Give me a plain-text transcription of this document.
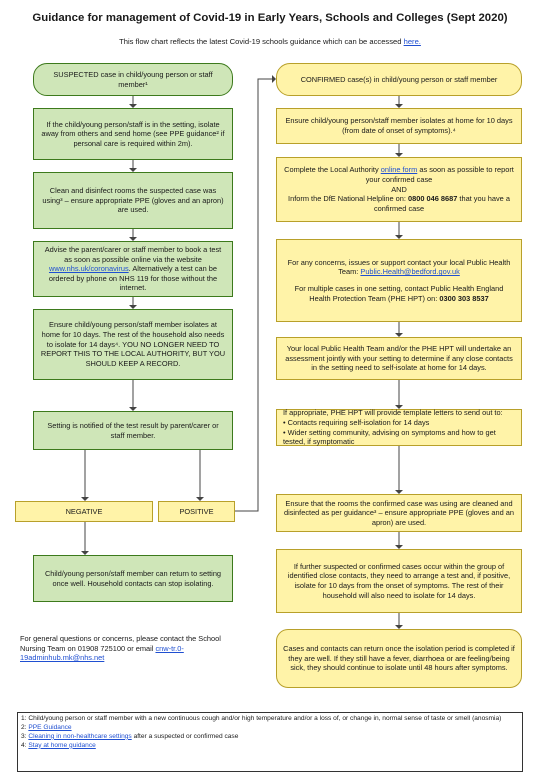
Guidance for management of Covid-19 in Early Years, Schools and Colleges (Sept 2020)
This flow chart reflects the latest Covid-19 schools guidance which can be accessed here.
SUSPECTED case in child/young person or staff member¹
If the child/young person/staff is in the setting, isolate away from others and send home (see PPE guidance² if personal care is required within 2m).
Clean and disinfect rooms the suspected case was using³ – ensure appropriate PPE (gloves and an apron) are used.
Advise the parent/carer or staff member to book a test as soon as possible online via the website www.nhs.uk/coronavirus. Alternatively a test can be ordered by phone on NHS 119 for those without the internet.
Ensure child/young person/staff member isolates at home for 10 days. The rest of the household also needs to isolate for 14 days⁴. YOU NO LONGER NEED TO REPORT THIS TO THE LOCAL AUTHORITY, BUT YOU SHOULD KEEP A RECORD.
Setting is notified of the test result by parent/carer or staff member.
NEGATIVE	POSITIVE
Child/young person/staff member can return to setting once well. Household contacts can stop isolating.
For general questions or concerns, please contact the School Nursing Team on 01908 725100 or email cnw-tr.0-19adminhub.mk@nhs.net
CONFIRMED case(s) in child/young person or staff member
Ensure child/young person/staff member isolates at home for 10 days (from date of onset of symptoms).⁴
Complete the Local Authority online form as soon as possible to report your confirmed case
AND
Inform the DfE National Helpline on: 0800 046 8687 that you have a confirmed case
For any concerns, issues or support contact your local Public Health Team: Public.Health@bedford.gov.uk
For multiple cases in one setting, contact Public Health England Health Protection Team (PHE HPT) on: 0300 303 8537
Your local Public Health Team and/or the PHE HPT will undertake an assessment jointly with your setting to determine if any close contacts in the setting need to self-isolate at home for 14 days.
If appropriate, PHE HPT will provide template letters to send out to:
• Contacts requiring self-isolation for 14 days
• Wider setting community, advising on symptoms and how to get tested, if symptomatic
Ensure that the rooms the confirmed case was using are cleaned and disinfected as per guidance³ – ensure appropriate PPE (gloves and an apron) are used.
If further suspected or confirmed cases occur within the group of identified close contacts, they need to arrange a test and, if positive, isolate for 10 days from the onset of symptoms. The rest of their household will also need to isolate for 14 days.
Cases and contacts can return once the isolation period is completed if they are well. If they still have a fever, diarrhoea or are feeling/being sick, they should continue to isolate until 48 hours after symptoms.
1: Child/young person or staff member with a new continuous cough and/or high temperature and/or a loss of, or change in, normal sense of taste or smell (anosmia)
2: PPE Guidance
3: Cleaning in non-healthcare settings after a suspected or confirmed case
4: Stay at home guidance
